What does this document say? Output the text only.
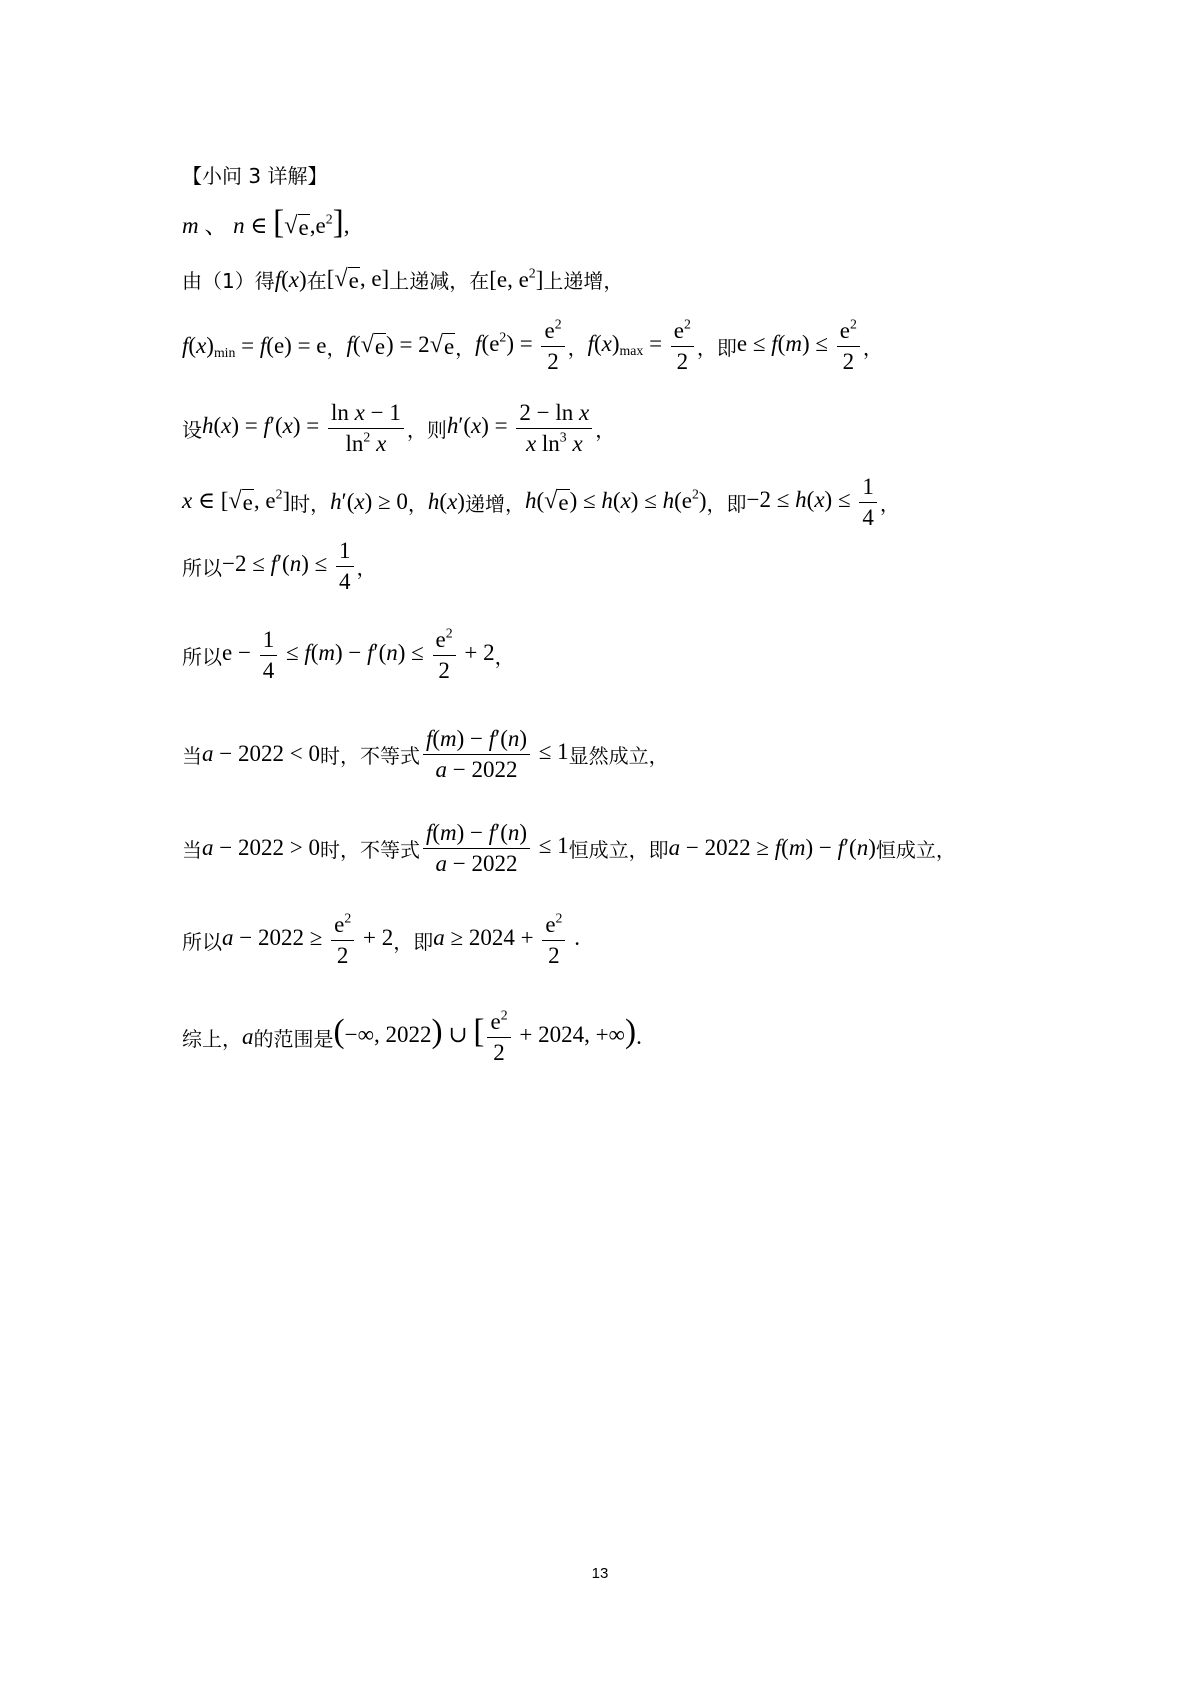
【小问 3 详解】
m 、 n ∈ [ √ e $,e^2$],
由（1）得 f(x) 在 [ √ e , e] 上递减，在 [e, $e^2$] 上递增，
$f(x)_{min} = f(e) = e$ ， f( √ e ) = 2 √ e ， $f(e^2) = \frac{e^2}{2}$ ， $f(x)_{max} = \frac{e^2}{2}$ ，即 $e \le f(m) \le \frac{e^2}{2}$ ，
设 $h(x) = f'(x) = \frac{\text{ln x − 1}}{\ln^2 x}$ ，则 $h'(x) = \frac{\text{2 − ln x}}{x \ln^3 x}$ ，
x ∈ [ √ e , $e^2$] 时， h′(x) ≥ 0 ， h(x) 递增， h( √ e ) ≤ $h(x) \le h(e^2)$ ，即 $-2 \le h(x) \le \frac{1}{4}$ ，
所以 $-2 \le f'(n) \le \frac{1}{4}$ ，
所以 $e - \frac{1}{4} \le f(m) - f'(n) \le \frac{e^2}{2} + 2$ ，
当 a − 2022 < 0 时，不等式 $\frac{f(m) - f'(n)}{a - 2022} \le 1$ 显然成立，
当 a − 2022 > 0 时，不等式 $\frac{f(m) - f'(n)}{a - 2022} \le 1$ 恒成立，即 a − 2022 ≥ f(m) − f′(n) 恒成立，
所以 $a - 2022 \ge \frac{e^2}{2} + 2$ ，即 $a \ge 2024 + \frac{e^2}{2}$ .
综上， a 的范围是 (−∞, 2022) ∪ [ $\frac{e^2}{2} + 2024$, +∞) .
13
